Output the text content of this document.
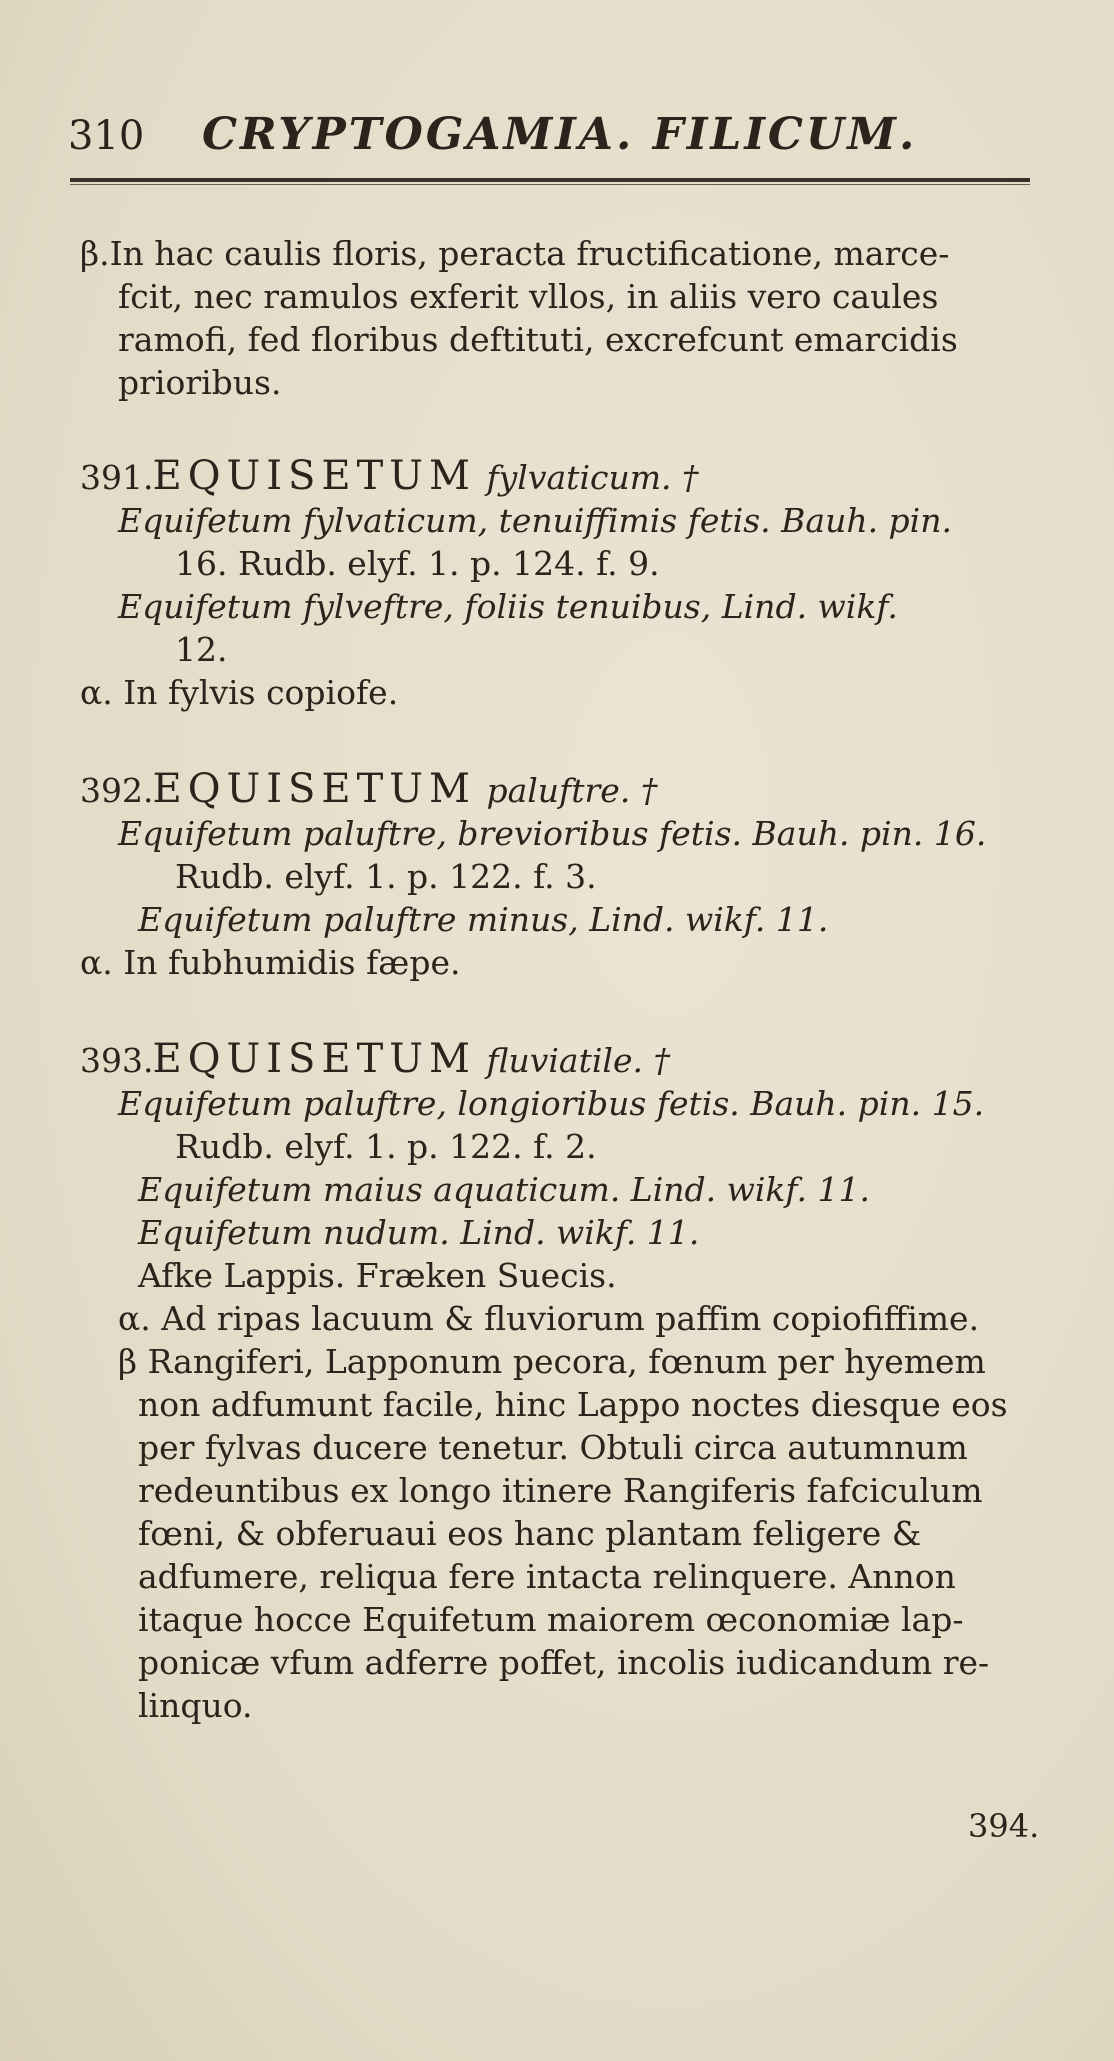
310 CRYPTOGAMIA. FILICUM.
β.In hac caulis floris, peracta fructificatione, marce-
fcit, nec ramulos exferit vllos, in aliis vero caules
ramofi, fed floribus deftituti, excrefcunt emarcidis
prioribus.
391. EQUISETUM fylvaticum. †
Equifetum fylvaticum, tenuiffimis fetis. Bauh. pin.
16. Rudb. elyf. 1. p. 124. f. 9.
Equifetum fylveftre, foliis tenuibus, Lind. wikf.
12.
α. In fylvis copiofe.
392. EQUISETUM paluftre. †
Equifetum paluftre, brevioribus fetis. Bauh. pin. 16.
Rudb. elyf. 1. p. 122. f. 3.
Equifetum paluftre minus, Lind. wikf. 11.
α. In fubhumidis fæpe.
393. EQUISETUM fluviatile. †
Equifetum paluftre, longioribus fetis. Bauh. pin. 15.
Rudb. elyf. 1. p. 122. f. 2.
Equifetum maius aquaticum. Lind. wikf. 11.
Equifetum nudum. Lind. wikf. 11.
Afke Lappis. Fræken Suecis.
α. Ad ripas lacuum & fluviorum paffim copiofiffime.
β Rangiferi, Lapponum pecora, fœnum per hyemem
non adfumunt facile, hinc Lappo noctes diesque eos
per fylvas ducere tenetur. Obtuli circa autumnum
redeuntibus ex longo itinere Rangiferis fafciculum
fœni, & obferuaui eos hanc plantam feligere &
adfumere, reliqua fere intacta relinquere. Annon
itaque hocce Equifetum maiorem œconomiæ lap-
ponicæ vfum adferre poffet, incolis iudicandum re-
linquo.
394.
